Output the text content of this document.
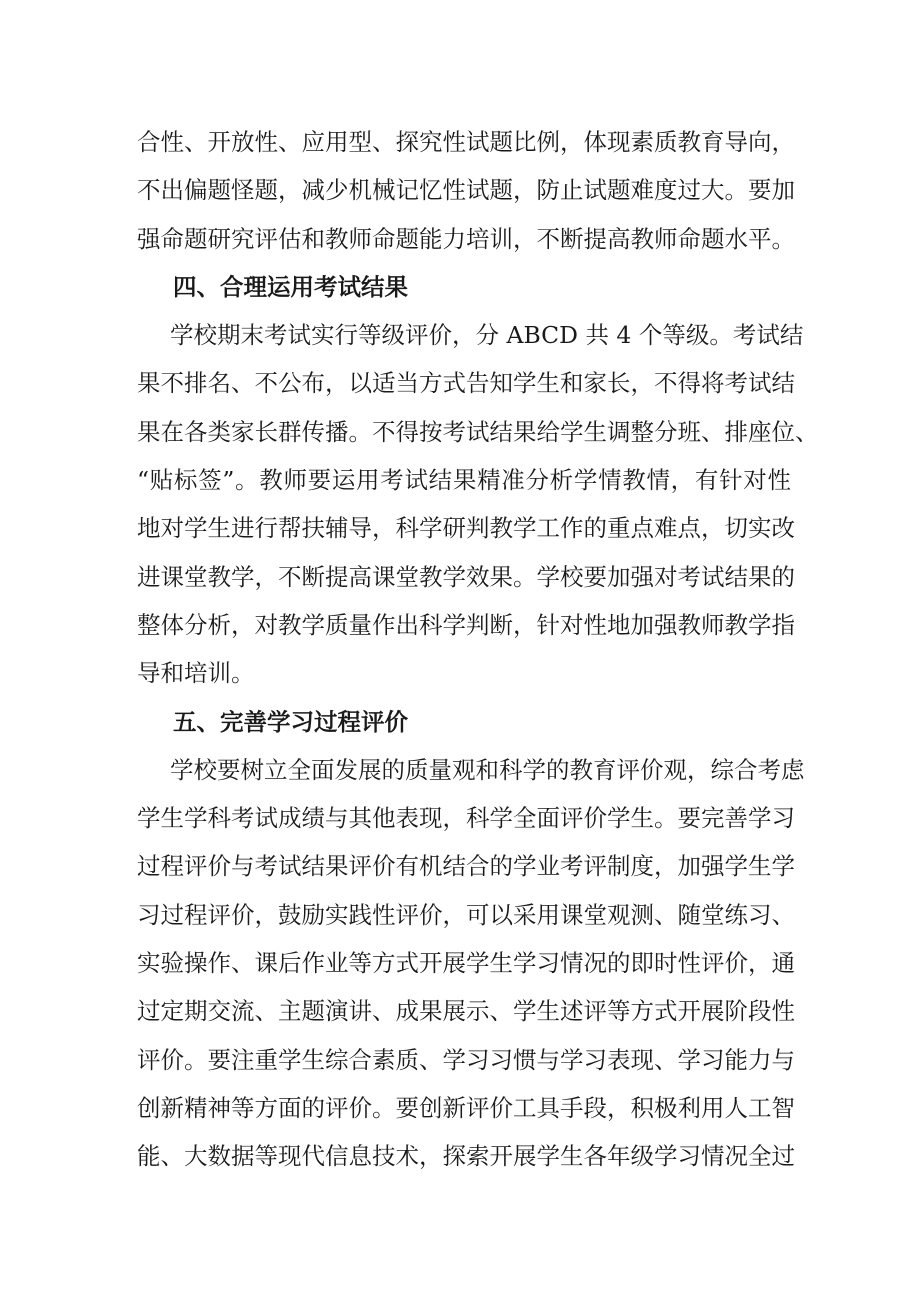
合性、开放性、应用型、探究性试题比例，体现素质教育导向，
不出偏题怪题，减少机械记忆性试题，防止试题难度过大。要加
强命题研究评估和教师命题能力培训，不断提高教师命题水平。
四、合理运用考试结果
学校期末考试实行等级评价，分 ABCD 共 4 个等级。考试结
果不排名、不公布，以适当方式告知学生和家长，不得将考试结
果在各类家长群传播。不得按考试结果给学生调整分班、排座位、
“贴标签”。教师要运用考试结果精准分析学情教情，有针对性
地对学生进行帮扶辅导，科学研判教学工作的重点难点，切实改
进课堂教学，不断提高课堂教学效果。学校要加强对考试结果的
整体分析，对教学质量作出科学判断，针对性地加强教师教学指
导和培训。
五、完善学习过程评价
学校要树立全面发展的质量观和科学的教育评价观，综合考虑
学生学科考试成绩与其他表现，科学全面评价学生。要完善学习
过程评价与考试结果评价有机结合的学业考评制度，加强学生学
习过程评价，鼓励实践性评价，可以采用课堂观测、随堂练习、
实验操作、课后作业等方式开展学生学习情况的即时性评价，通
过定期交流、主题演讲、成果展示、学生述评等方式开展阶段性
评价。要注重学生综合素质、学习习惯与学习表现、学习能力与
创新精神等方面的评价。要创新评价工具手段，积极利用人工智
能、大数据等现代信息技术，探索开展学生各年级学习情况全过
